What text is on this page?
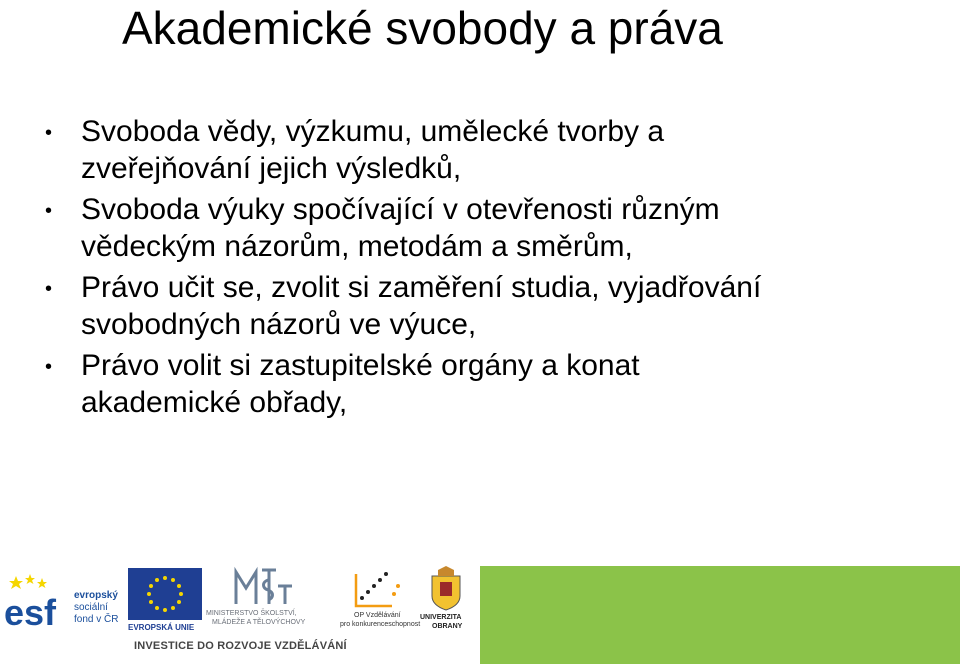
Akademické svobody a práva
• Svoboda vědy, výzkumu, umělecké tvorby a
zveřejňování jejich výsledků,
• Svoboda výuky spočívající v otevřenosti různým
vědeckým názorům, metodám a směrům,
• Právo učit se, zvolit si zaměření studia, vyjadřování
svobodných názorů ve výuce,
• Právo volit si zastupitelské orgány a konat
akademické obřady,
esf evropský
sociální
fond v ČR
EVROPSKÁ UNIE
MINISTERSTVO ŠKOLSTVÍ,
MLÁDEŽE A TĚLOVÝCHOVY
OP Vzdělávání
pro konkurenceschopnost
UNIVERZITA
OBRANY
INVESTICE DO ROZVOJE VZDĚLÁVÁNÍ
